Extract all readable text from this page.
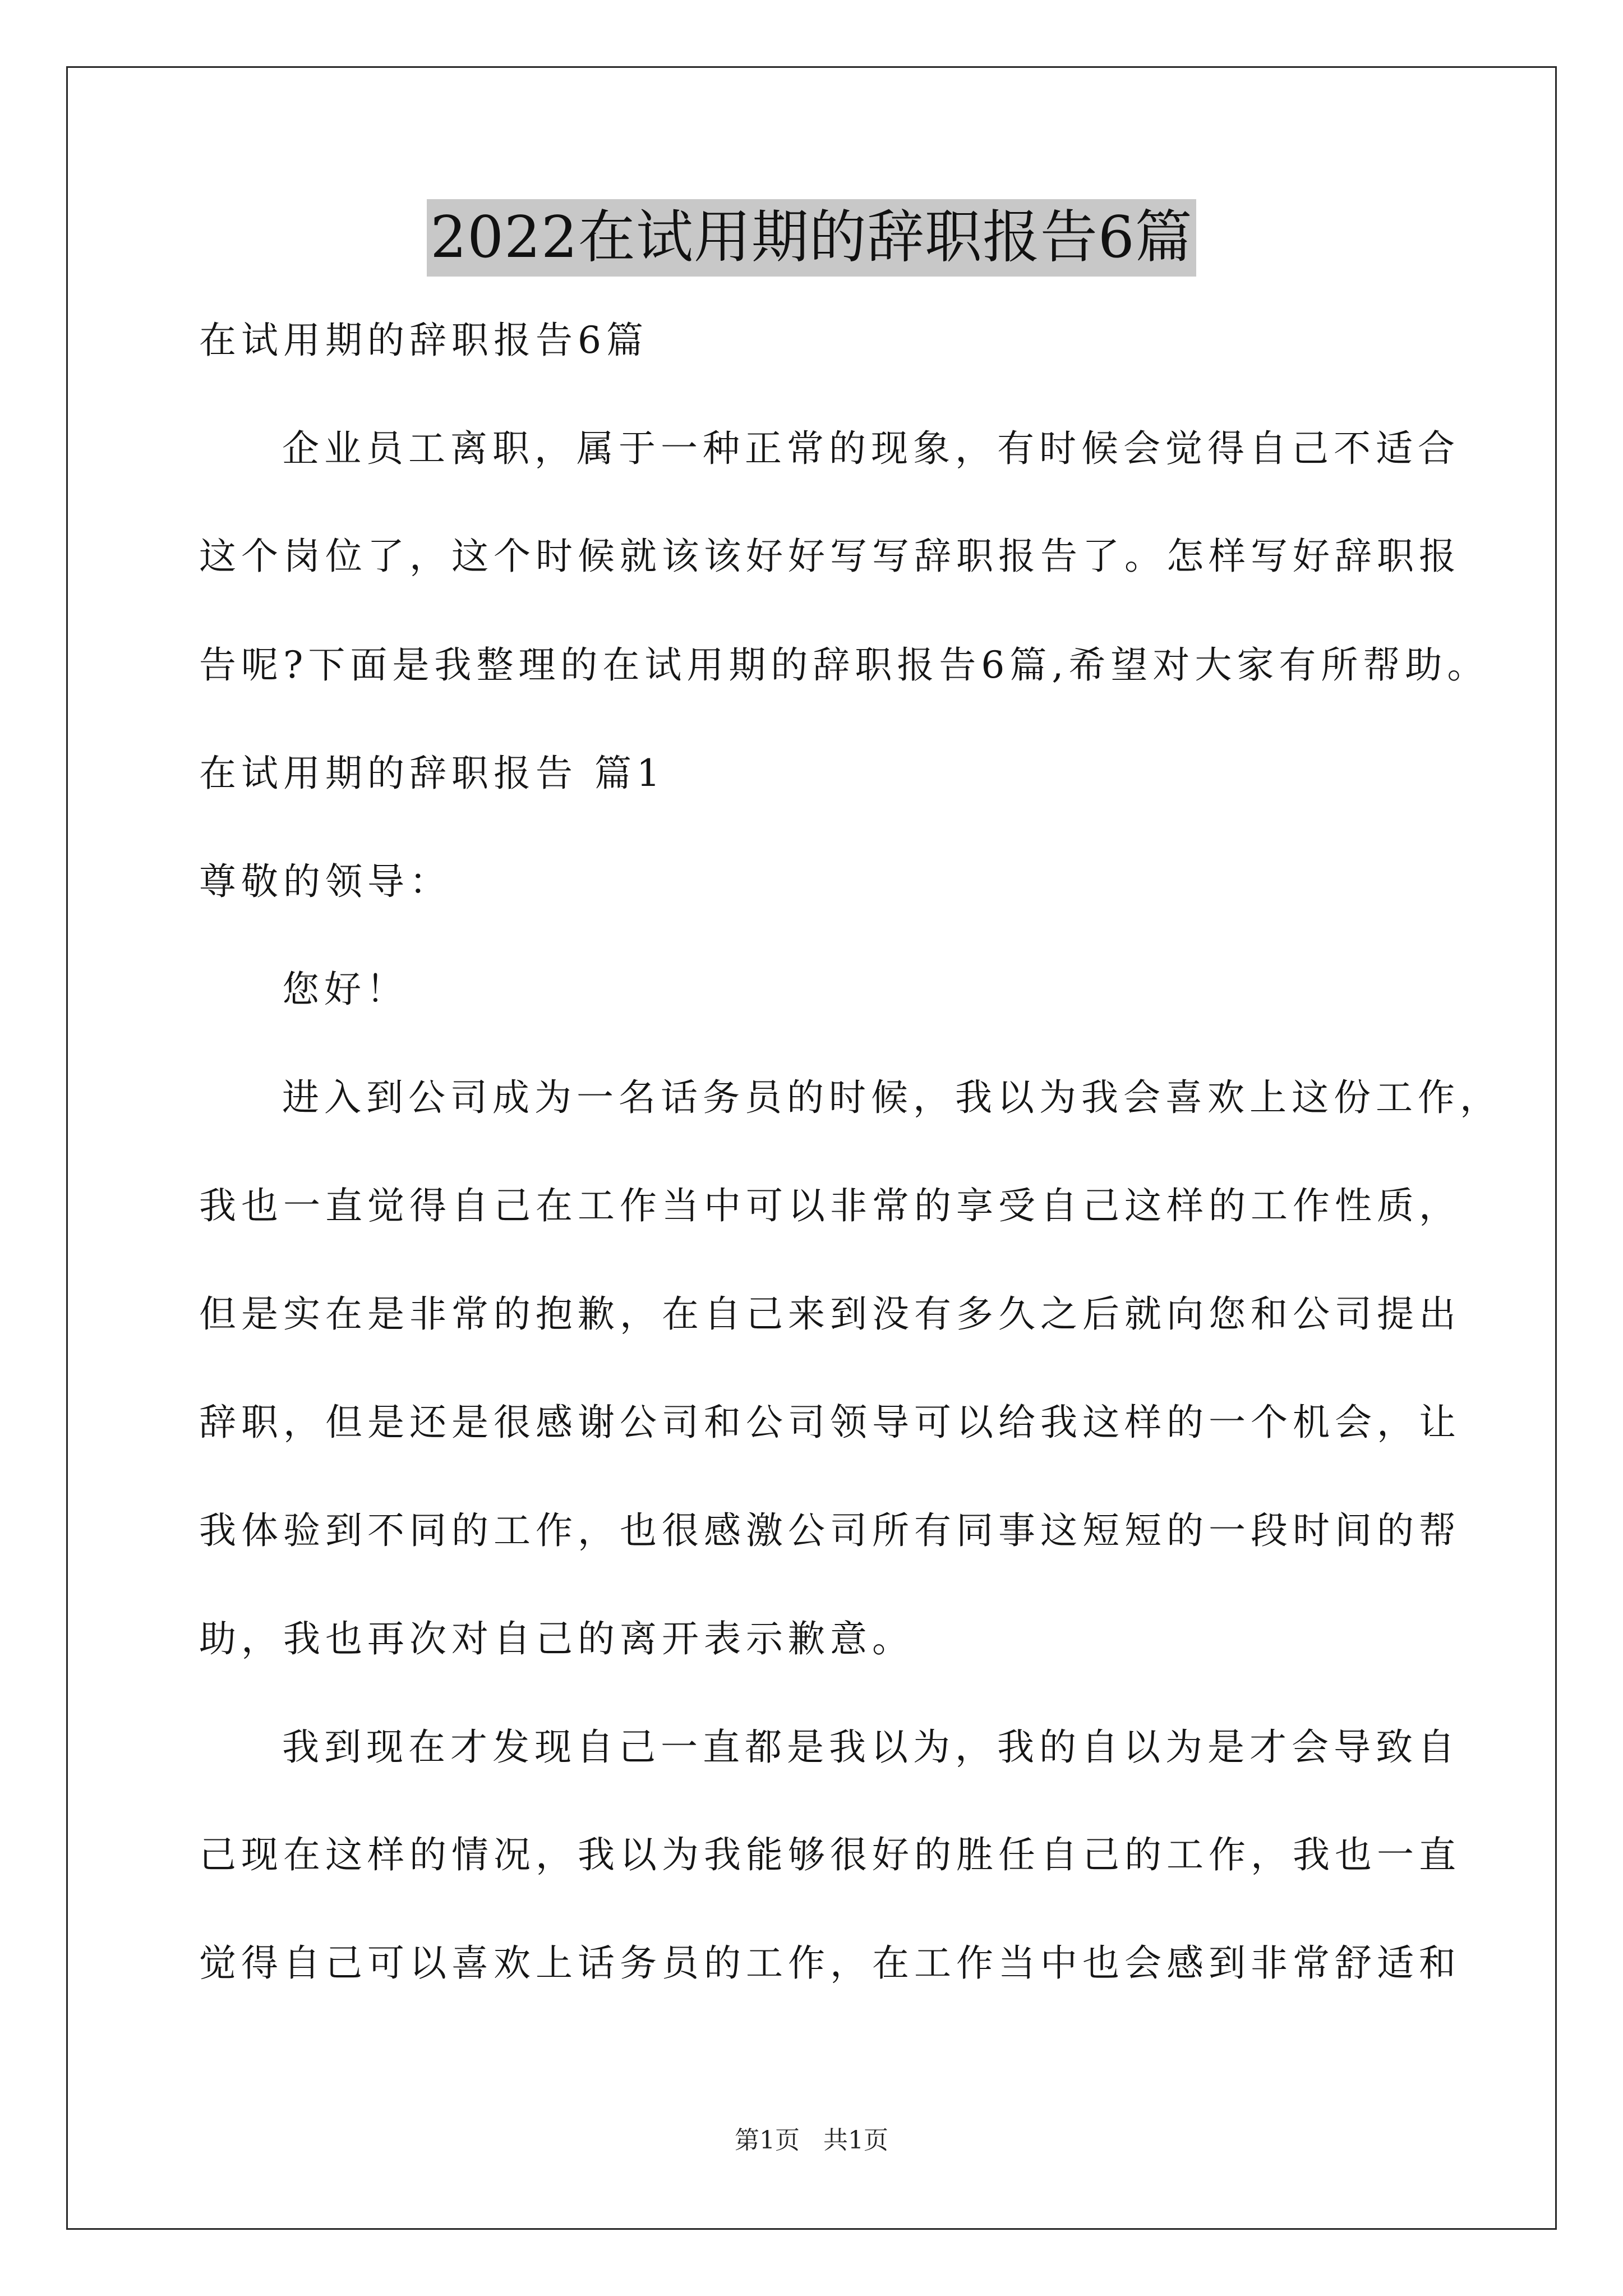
2022在试用期的辞职报告6篇
在试用期的辞职报告6篇
企业员工离职，属于一种正常的现象，有时候会觉得自己不适合
这个岗位了，这个时候就该该好好写写辞职报告了。怎样写好辞职报
告呢?下面是我整理的在试用期的辞职报告6篇,希望对大家有所帮助。
在试用期的辞职报告 篇1
尊敬的领导：
您好！
进入到公司成为一名话务员的时候，我以为我会喜欢上这份工作，
我也一直觉得自己在工作当中可以非常的享受自己这样的工作性质，
但是实在是非常的抱歉，在自己来到没有多久之后就向您和公司提出
辞职，但是还是很感谢公司和公司领导可以给我这样的一个机会，让
我体验到不同的工作，也很感激公司所有同事这短短的一段时间的帮
助，我也再次对自己的离开表示歉意。
我到现在才发现自己一直都是我以为，我的自以为是才会导致自
己现在这样的情况，我以为我能够很好的胜任自己的工作，我也一直
觉得自己可以喜欢上话务员的工作，在工作当中也会感到非常舒适和
第1页   共1页
